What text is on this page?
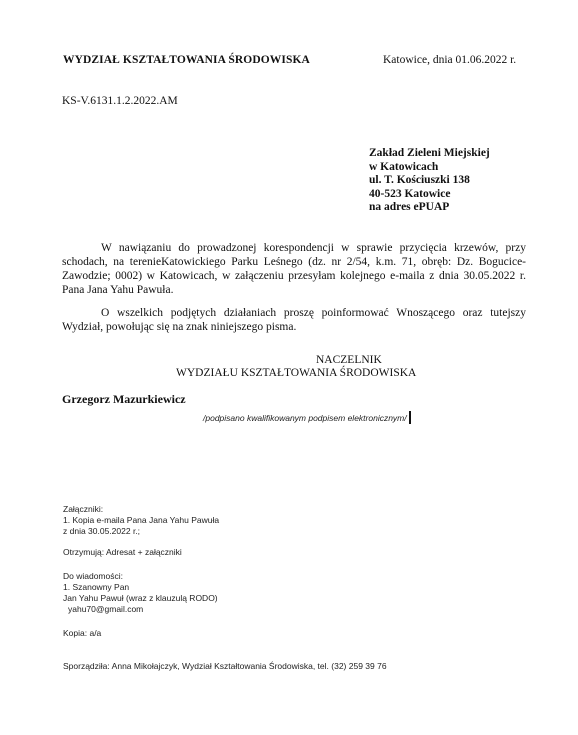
WYDZIAŁ KSZTAŁTOWANIA ŚRODOWISKA	Katowice, dnia 01.06.2022 r.
KS-V.6131.1.2.2022.AM
Zakład Zieleni Miejskiej
w Katowicach
ul. T. Kościuszki 138
40-523 Katowice
na adres ePUAP
W nawiązaniu do prowadzonej korespondencji w sprawie przycięcia krzewów, przy schodach, na terenieKatowickiego Parku Leśnego (dz. nr 2/54, k.m. 71, obręb: Dz. Bogucice-Zawodzie; 0002) w Katowicach, w załączeniu przesyłam kolejnego e-maila z dnia 30.05.2022 r. Pana Jana Yahu Pawuła.
O wszelkich podjętych działaniach proszę poinformować Wnoszącego oraz tutejszy Wydział, powołując się na znak niniejszego pisma.
NACZELNIK
WYDZIAŁU KSZTAŁTOWANIA ŚRODOWISKA
Grzegorz Mazurkiewicz
/podpisano kwalifikowanym podpisem elektronicznym/
Załączniki:
1. Kopia e-maila Pana Jana Yahu Pawuła
z dnia 30.05.2022 r.;
Otrzymują: Adresat + załączniki
Do wiadomości:
1. Szanowny Pan
Jan Yahu Pawuł (wraz z klauzulą RODO)
yahu70@gmail.com
Kopia: a/a
Sporządziła: Anna Mikołajczyk, Wydział Kształtowania Środowiska, tel. (32) 259 39 76
